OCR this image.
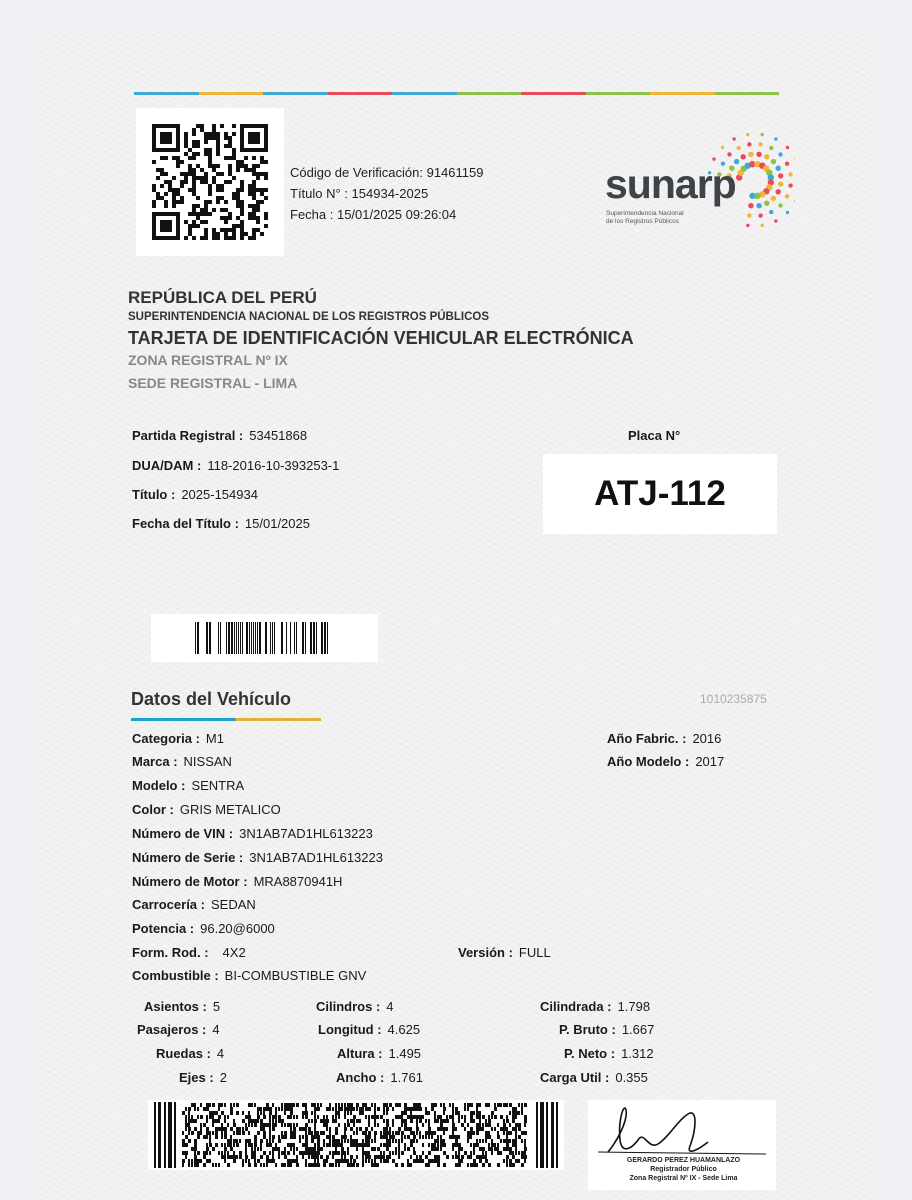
Código de Verificación: 91461159
Título N° : 154934-2025
Fecha : 15/01/2025 09:26:04
sunarp
Superintendencia Nacional
de los Registros Públicos
REPÚBLICA DEL PERÚ
SUPERINTENDENCIA NACIONAL DE LOS REGISTROS PÚBLICOS
TARJETA DE IDENTIFICACIÓN VEHICULAR ELECTRÓNICA
ZONA REGISTRAL Nº IX
SEDE REGISTRAL - LIMA
Partida Registral : 53451868
DUA/DAM : 118-2016-10-393253-1
Título : 2025-154934
Fecha del Título : 15/01/2025
Placa N°
ATJ-112
Datos del Vehículo	1010235875
Categoria : M1
Marca : NISSAN
Modelo : SENTRA
Color : GRIS METALICO
Número de VIN : 3N1AB7AD1HL613223
Número de Serie : 3N1AB7AD1HL613223
Número de Motor : MRA8870941H
Carrocería : SEDAN
Potencia : 96.20@6000
Form. Rod. : 4X2
Combustible : BI-COMBUSTIBLE GNV
Versión : FULL
Año Fabric. : 2016
Año Modelo : 2017
Asientos : 5
Pasajeros : 4
Ruedas : 4
Ejes : 2
Cilindros : 4
Longitud : 4.625
Altura : 1.495
Ancho : 1.761
Cilindrada : 1.798
P. Bruto : 1.667
P. Neto : 1.312
Carga Util : 0.355
GERARDO PEREZ HUAMANLAZO
Registrador Público
Zona Registral Nº IX - Sede Lima
